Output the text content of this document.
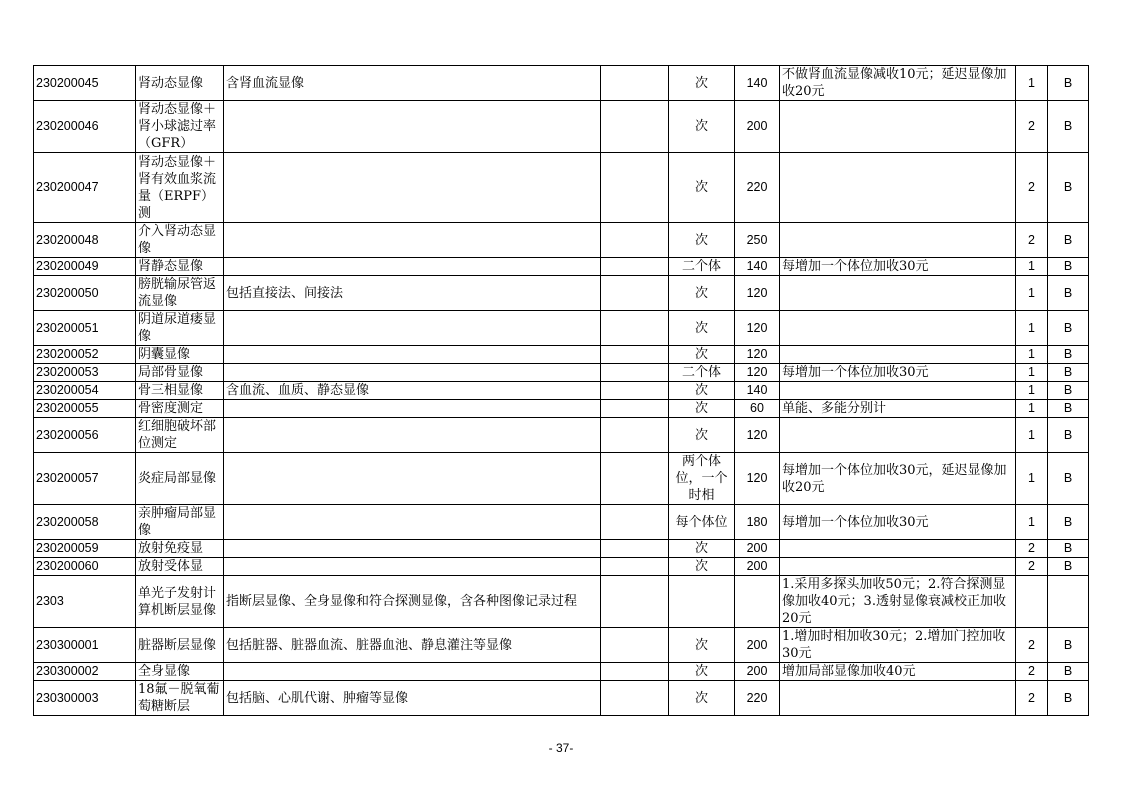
230200045	肾动态显像	含肾血流显像		次	140	不做肾血流显像减收10元；延迟显像加收20元	1	B
230200046	肾动态显像＋肾小球滤过率（GFR）			次	200		2	B
230200047	肾动态显像＋肾有效血浆流量（ERPF）测			次	220		2	B
230200048	介入肾动态显像			次	250		2	B
230200049	肾静态显像			二个体	140	每增加一个体位加收30元	1	B
230200050	膀胱输尿管返流显像	包括直接法、间接法		次	120		1	B
230200051	阴道尿道瘘显像			次	120		1	B
230200052	阴囊显像			次	120		1	B
230200053	局部骨显像			二个体	120	每增加一个体位加收30元	1	B
230200054	骨三相显像	含血流、血质、静态显像		次	140		1	B
230200055	骨密度测定			次	60	单能、多能分别计	1	B
230200056	红细胞破坏部位测定			次	120		1	B
230200057	炎症局部显像			两个体位，一个时相	120	每增加一个体位加收30元，延迟显像加收20元	1	B
230200058	亲肿瘤局部显像			每个体位	180	每增加一个体位加收30元	1	B
230200059	放射免疫显			次	200		2	B
230200060	放射受体显			次	200		2	B
2303	单光子发射计算机断层显像	指断层显像、全身显像和符合探测显像，含各种图像记录过程				1.采用多探头加收50元；2.符合探测显像加收40元；3.透射显像衰减校正加收20元		
230300001	脏器断层显像	包括脏器、脏器血流、脏器血池、静息灌注等显像		次	200	1.增加时相加收30元；2.增加门控加收30元	2	B
230300002	全身显像			次	200	增加局部显像加收40元	2	B
230300003	18氟－脱氧葡萄糖断层	包括脑、心肌代谢、肿瘤等显像		次	220		2	B
- 37-
